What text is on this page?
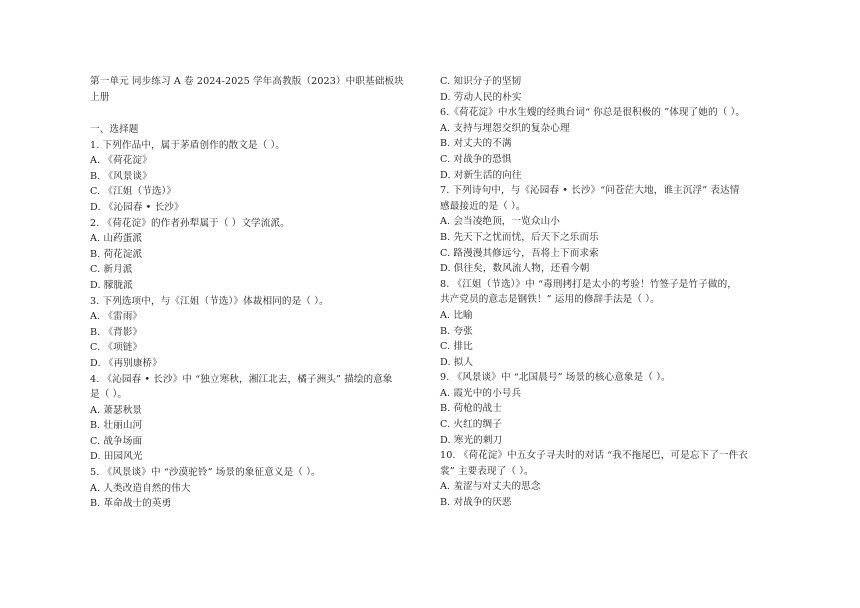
第一单元 同步练习 A 卷 2024-2025 学年高教版（2023）中职基础板块
上册
一、选择题
1. 下列作品中，属于茅盾创作的散文是（ ）。
A. 《荷花淀》
B. 《风景谈》
C. 《江姐（节选）》
D. 《沁园春 • 长沙》
2. 《荷花淀》的作者孙犁属于（ ）文学流派。
A. 山药蛋派
B. 荷花淀派
C. 新月派
D. 朦胧派
3. 下列选项中，与《江姐（节选）》体裁相同的是（ ）。
A. 《雷雨》
B. 《背影》
C. 《项链》
D. 《再别康桥》
4. 《沁园春 • 长沙》中 “独立寒秋，湘江北去，橘子洲头” 描绘的意象
是（ ）。
A. 萧瑟秋景
B. 壮丽山河
C. 战争场面
D. 田园风光
5. 《风景谈》中 “沙漠驼铃” 场景的象征意义是（ ）。
A. 人类改造自然的伟大
B. 革命战士的英勇
C. 知识分子的坚韧
D. 劳动人民的朴实
6.《荷花淀》中水生嫂的经典台词“ 你总是很积极的 ”体现了她的（ ）。
A. 支持与埋怨交织的复杂心理
B. 对丈夫的不满
C. 对战争的恐惧
D. 对新生活的向往
7. 下列诗句中，与《沁园春 • 长沙》“问苍茫大地，谁主沉浮” 表达情
感最接近的是（ ）。
A. 会当凌绝顶，一览众山小
B. 先天下之忧而忧，后天下之乐而乐
C. 路漫漫其修远兮，吾将上下而求索
D. 俱往矣，数风流人物，还看今朝
8. 《江姐（节选）》中 “毒刑拷打是太小的考验！竹签子是竹子做的，
共产党员的意志是钢铁！” 运用的修辞手法是（ ）。
A. 比喻
B. 夸张
C. 排比
D. 拟人
9. 《风景谈》中 “北国晨号” 场景的核心意象是（ ）。
A. 霞光中的小号兵
B. 荷枪的战士
C. 火红的绸子
D. 寒光的刺刀
10. 《荷花淀》中五女子寻夫时的对话 “我不拖尾巴，可是忘下了一件衣
裳” 主要表现了（ ）。
A. 羞涩与对丈夫的思念
B. 对战争的厌恶
